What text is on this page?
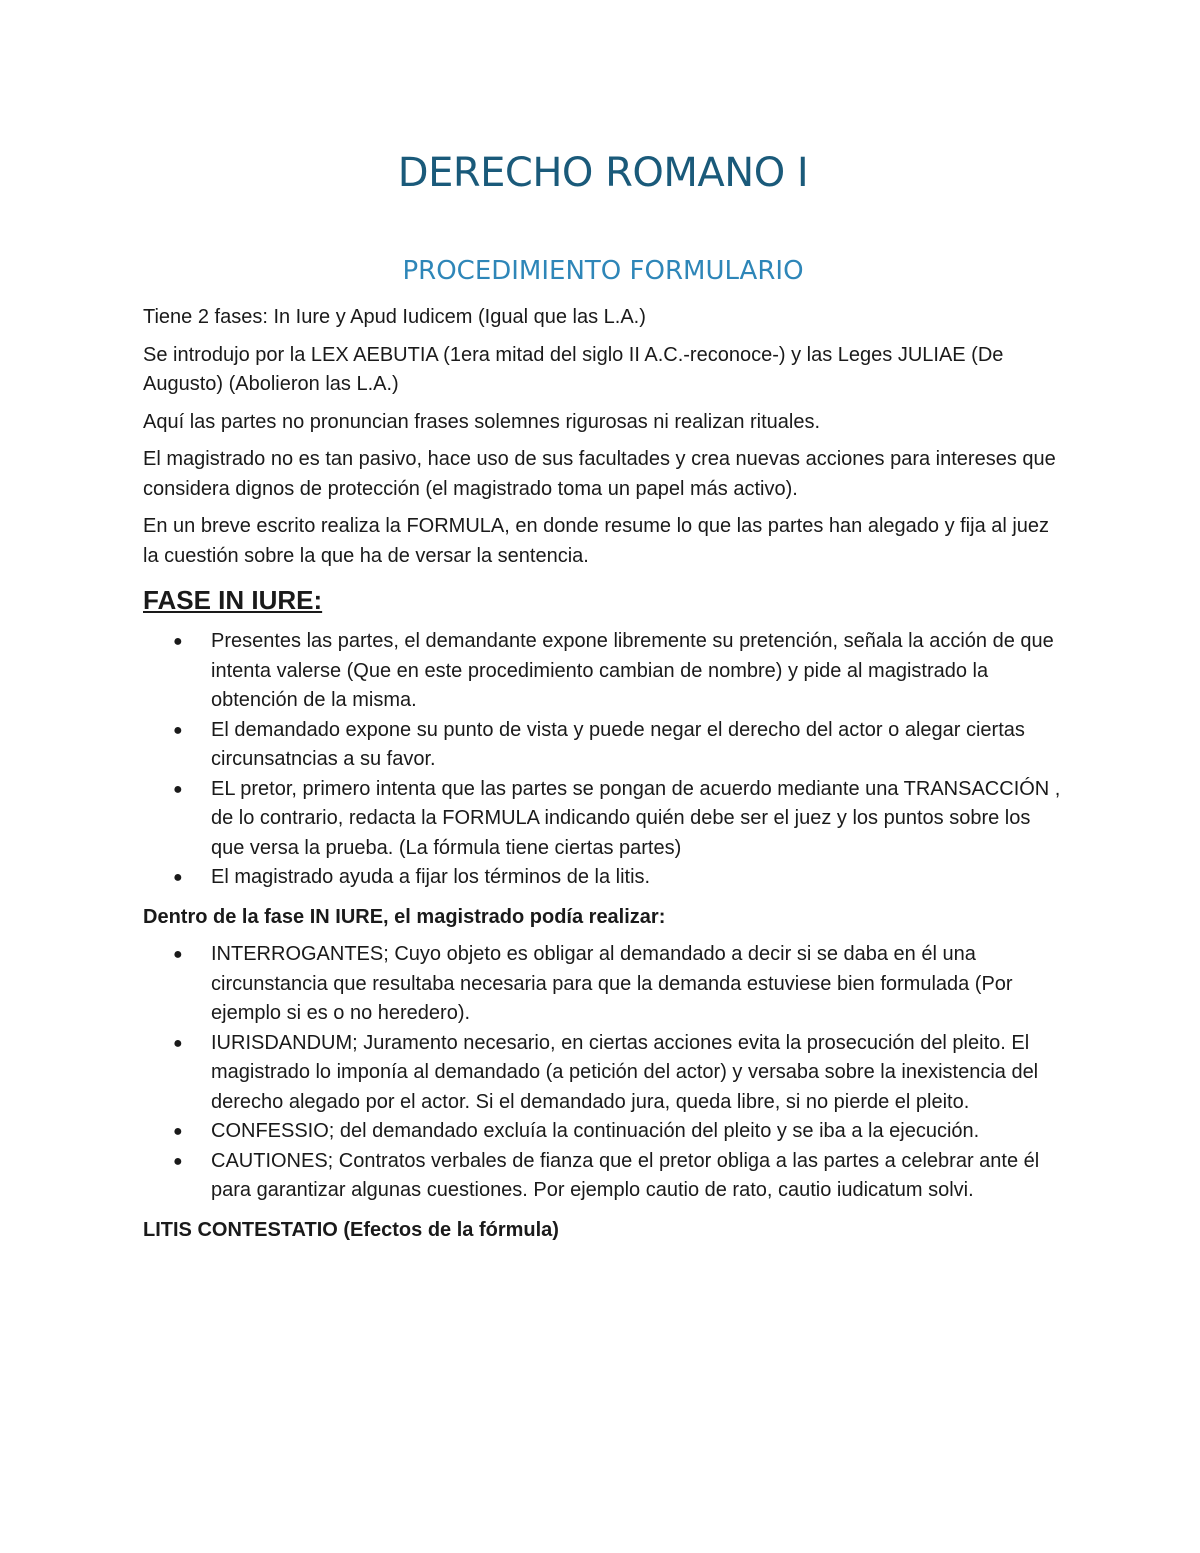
DERECHO ROMANO I
PROCEDIMIENTO FORMULARIO

Tiene 2 fases: In Iure y Apud Iudicem (Igual que las L.A.)

Se introdujo por la LEX AEBUTIA (1era mitad del siglo II A.C.-reconoce-) y las Leges JULIAE (De Augusto) (Abolieron las L.A.)

Aquí las partes no pronuncian frases solemnes rigurosas ni realizan rituales.

El magistrado no es tan pasivo, hace uso de sus facultades y crea nuevas acciones para intereses que considera dignos de protección (el magistrado toma un papel más activo).

En un breve escrito realiza la FORMULA, en donde resume lo que las partes han alegado y fija al juez la cuestión sobre la que ha de versar la sentencia.

FASE IN IURE:
● Presentes las partes, el demandante expone libremente su pretención, señala la acción de que intenta valerse (Que en este procedimiento cambian de nombre) y pide al magistrado la obtención de la misma.
● El demandado expone su punto de vista y puede negar el derecho del actor o alegar ciertas circunsatncias a su favor.
● EL pretor, primero intenta que las partes se pongan de acuerdo mediante una TRANSACCIÓN , de lo contrario, redacta la FORMULA indicando quién debe ser el juez y los puntos sobre los que versa la prueba. (La fórmula tiene ciertas partes)
● El magistrado ayuda a fijar los términos de la litis.

Dentro de la fase IN IURE, el magistrado podía realizar:

● INTERROGANTES; Cuyo objeto es obligar al demandado a decir si se daba en él una circunstancia que resultaba necesaria para que la demanda estuviese bien formulada (Por ejemplo si es o no heredero).
● IURISDANDUM; Juramento necesario, en ciertas acciones evita la prosecución del pleito. El magistrado lo imponía al demandado (a petición del actor) y versaba sobre la inexistencia del derecho alegado por el actor. Si el demandado jura, queda libre, si no pierde el pleito.
● CONFESSIO; del demandado excluía la continuación del pleito y se iba a la ejecución.
● CAUTIONES; Contratos verbales de fianza que el pretor obliga a las partes a celebrar ante él para garantizar algunas cuestiones. Por ejemplo cautio de rato, cautio iudicatum solvi.

LITIS CONTESTATIO (Efectos de la fórmula)
